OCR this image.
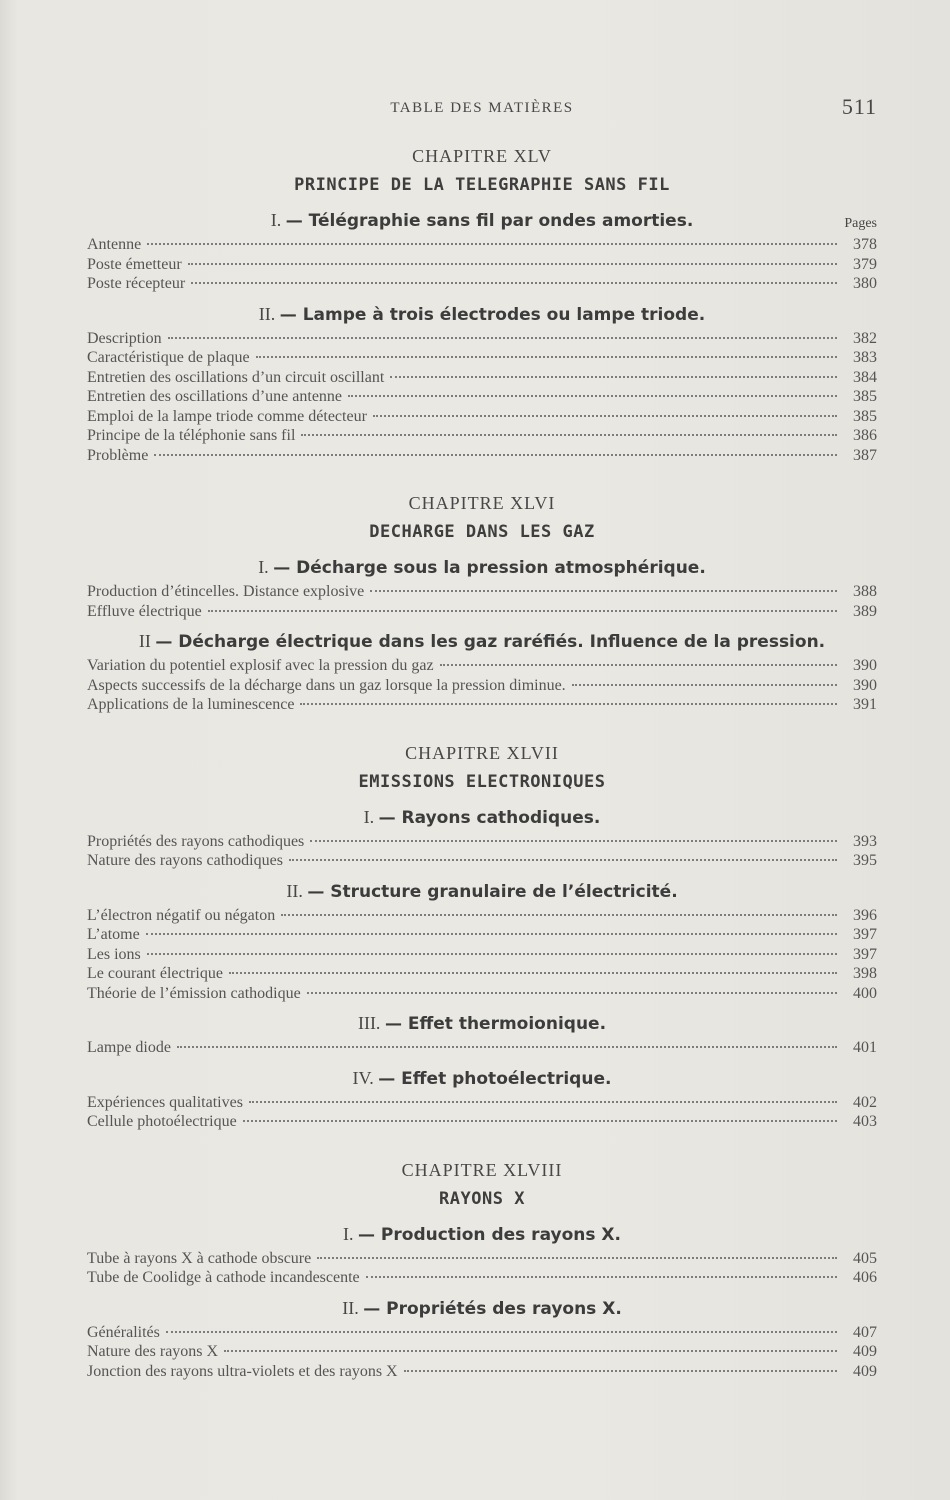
TABLE DES MATIÈRES	511
CHAPITRE XLV
PRINCIPE DE LA TELEGRAPHIE SANS FIL
I. — Télégraphie sans fil par ondes amorties.	Pages
Antenne	378
Poste émetteur	379
Poste récepteur	380
II. — Lampe à trois électrodes ou lampe triode.
Description	382
Caractéristique de plaque	383
Entretien des oscillations d’un circuit oscillant	384
Entretien des oscillations d’une antenne	385
Emploi de la lampe triode comme détecteur	385
Principe de la téléphonie sans fil	386
Problème	387
CHAPITRE XLVI
DECHARGE DANS LES GAZ
I. — Décharge sous la pression atmosphérique.
Production d’étincelles. Distance explosive	388
Effluve électrique	389
II — Décharge électrique dans les gaz raréfiés. Influence de la pression.
Variation du potentiel explosif avec la pression du gaz	390
Aspects successifs de la décharge dans un gaz lorsque la pression diminue.	390
Applications de la luminescence	391
CHAPITRE XLVII
EMISSIONS ELECTRONIQUES
I. — Rayons cathodiques.
Propriétés des rayons cathodiques	393
Nature des rayons cathodiques	395
II. — Structure granulaire de l’électricité.
L’électron négatif ou négaton	396
L’atome	397
Les ions	397
Le courant électrique	398
Théorie de l’émission cathodique	400
III. — Effet thermoionique.
Lampe diode	401
IV. — Effet photoélectrique.
Expériences qualitatives	402
Cellule photoélectrique	403
CHAPITRE XLVIII
RAYONS X
I. — Production des rayons X.
Tube à rayons X à cathode obscure	405
Tube de Coolidge à cathode incandescente	406
II. — Propriétés des rayons X.
Généralités	407
Nature des rayons X	409
Jonction des rayons ultra-violets et des rayons X	409
